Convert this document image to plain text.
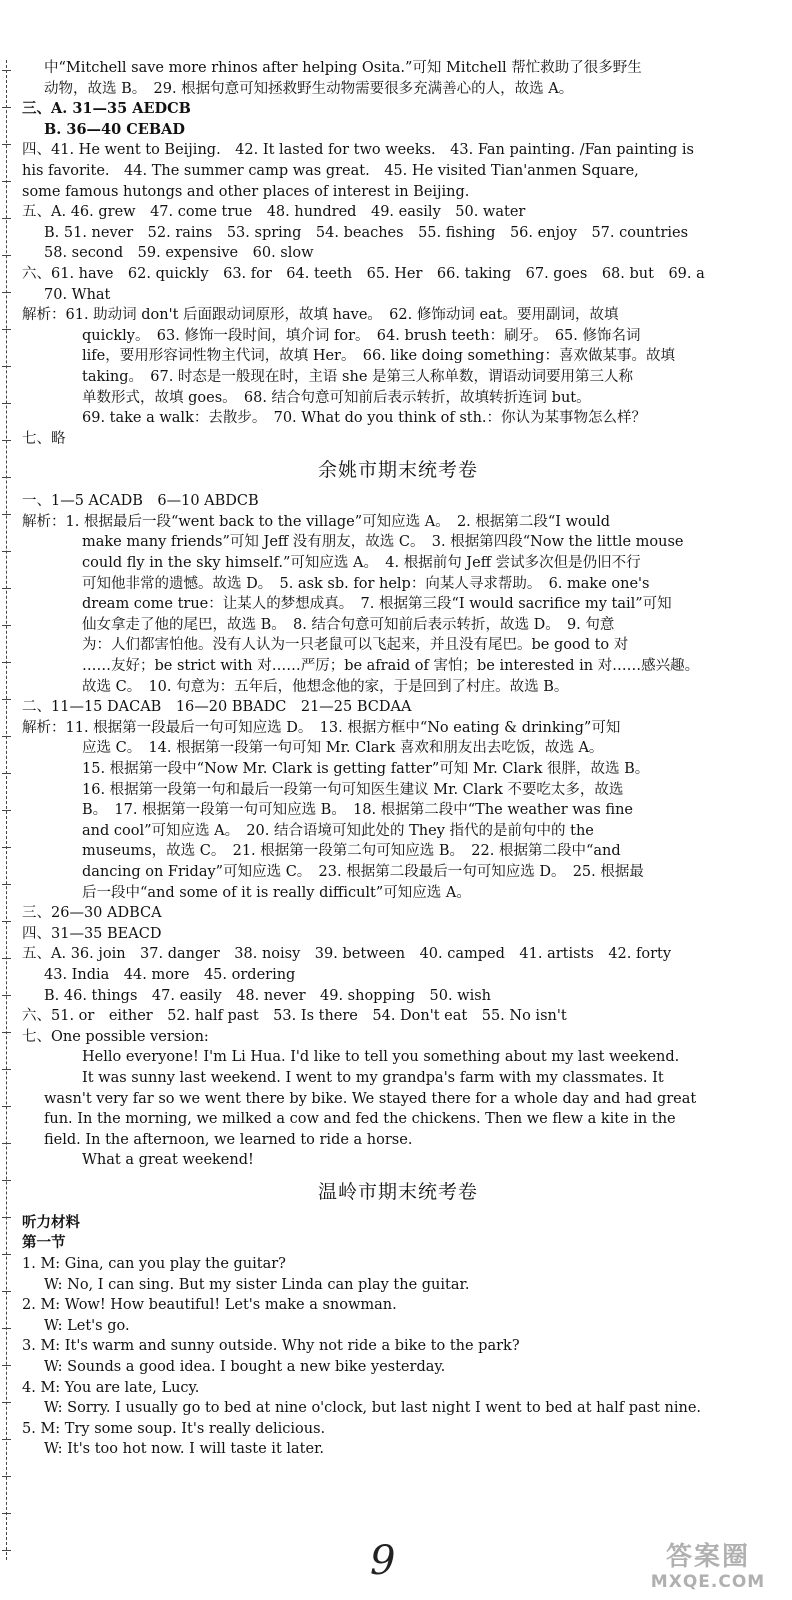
中“Mitchell save more rhinos after helping Osita.”可知 Mitchell 帮忙救助了很多野生
动物，故选 B。　29. 根据句意可知拯救野生动物需要很多充满善心的人，故选 A。
三、A. 31—35 AEDCB
B. 36—40 CEBAD
四、41. He went to Beijing.　42. It lasted for two weeks.　43. Fan painting. /Fan painting is
his favorite.　44. The summer camp was great.　45. He visited Tian'anmen Square,
some famous hutongs and other places of interest in Beijing.
五、A. 46. grew　47. come true　48. hundred　49. easily　50. water
B. 51. never　52. rains　53. spring　54. beaches　55. fishing　56. enjoy　57. countries
58. second　59. expensive　60. slow
六、61. have　62. quickly　63. for　64. teeth　65. Her　66. taking　67. goes　68. but　69. a
70. What
解析：61. 助动词 don't 后面跟动词原形，故填 have。　62. 修饰动词 eat。要用副词，故填
quickly。　63. 修饰一段时间，填介词 for。　64. brush teeth：刷牙。　65. 修饰名词
life，要用形容词性物主代词，故填 Her。　66. like doing something：喜欢做某事。故填
taking。　67. 时态是一般现在时，主语 she 是第三人称单数，谓语动词要用第三人称
单数形式，故填 goes。　68. 结合句意可知前后表示转折，故填转折连词 but。
69. take a walk：去散步。　70. What do you think of sth.：你认为某事物怎么样？
七、略
余姚市期末统考卷
一、1—5 ACADB　6—10 ABDCB
解析：1. 根据最后一段“went back to the village”可知应选 A。　2. 根据第二段“I would
make many friends”可知 Jeff 没有朋友，故选 C。　3. 根据第四段“Now the little mouse
could fly in the sky himself.”可知应选 A。　4. 根据前句 Jeff 尝试多次但是仍旧不行
可知他非常的遗憾。故选 D。　5. ask sb. for help：向某人寻求帮助。　6. make one's
dream come true：让某人的梦想成真。　7. 根据第三段“I would sacrifice my tail”可知
仙女拿走了他的尾巴，故选 B。　8. 结合句意可知前后表示转折，故选 D。　9. 句意
为：人们都害怕他。没有人认为一只老鼠可以飞起来，并且没有尾巴。be good to 对
……友好；be strict with 对……严厉；be afraid of 害怕；be interested in 对……感兴趣。
故选 C。　10. 句意为：五年后，他想念他的家，于是回到了村庄。故选 B。
二、11—15 DACAB　16—20 BBADC　21—25 BCDAA
解析：11. 根据第一段最后一句可知应选 D。　13. 根据方框中“No eating & drinking”可知
应选 C。　14. 根据第一段第一句可知 Mr. Clark 喜欢和朋友出去吃饭，故选 A。
15. 根据第一段中“Now Mr. Clark is getting fatter”可知 Mr. Clark 很胖，故选 B。
16. 根据第一段第一句和最后一段第一句可知医生建议 Mr. Clark 不要吃太多，故选
B。　17. 根据第一段第一句可知应选 B。　18. 根据第二段中“The weather was fine
and cool”可知应选 A。　20. 结合语境可知此处的 They 指代的是前句中的 the
museums，故选 C。　21. 根据第一段第二句可知应选 B。　22. 根据第二段中“and
dancing on Friday”可知应选 C。　23. 根据第二段最后一句可知应选 D。　25. 根据最
后一段中“and some of it is really difficult”可知应选 A。
三、26—30 ADBCA
四、31—35 BEACD
五、A. 36. join　37. danger　38. noisy　39. between　40. camped　41. artists　42. forty
43. India　44. more　45. ordering
B. 46. things　47. easily　48. never　49. shopping　50. wish
六、51. or　either　52. half past　53. Is there　54. Don't eat　55. No isn't
七、One possible version:
Hello everyone! I'm Li Hua. I'd like to tell you something about my last weekend.
It was sunny last weekend. I went to my grandpa's farm with my classmates. It
wasn't very far so we went there by bike. We stayed there for a whole day and had great
fun. In the morning, we milked a cow and fed the chickens. Then we flew a kite in the
field. In the afternoon, we learned to ride a horse.
What a great weekend!
温岭市期末统考卷
听力材料
第一节
1. M: Gina, can you play the guitar?
W: No, I can sing. But my sister Linda can play the guitar.
2. M: Wow! How beautiful! Let's make a snowman.
W: Let's go.
3. M: It's warm and sunny outside. Why not ride a bike to the park?
W: Sounds a good idea. I bought a new bike yesterday.
4. M: You are late, Lucy.
W: Sorry. I usually go to bed at nine o'clock, but last night I went to bed at half past nine.
5. M: Try some soup. It's really delicious.
W: It's too hot now. I will taste it later.
9	答案圈
MXQE.COM
